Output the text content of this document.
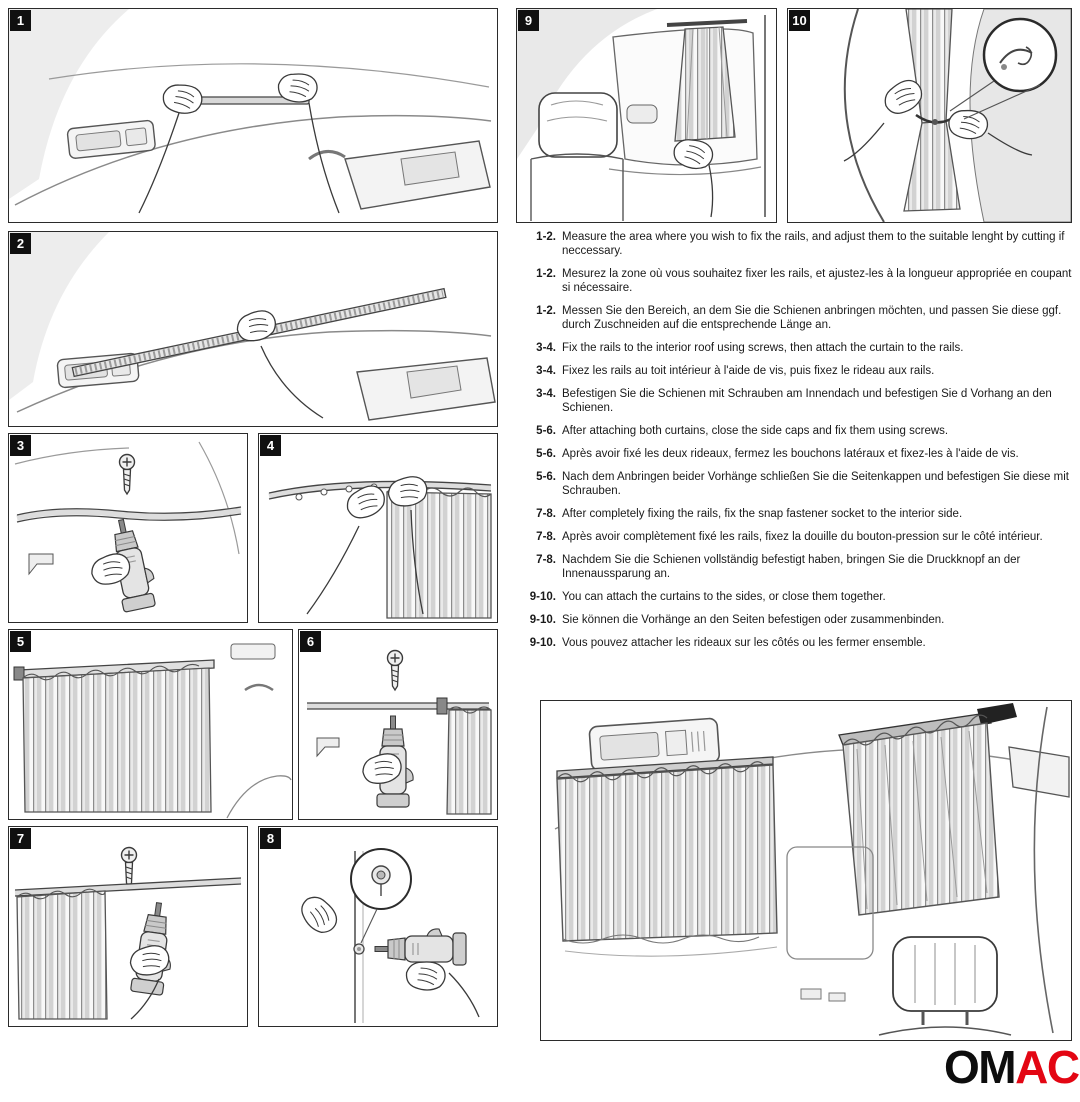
1
2
3	4
5	6
7	8
9	10
1-2. Measure the area where you wish to fix the rails, and adjust them to the suitable lenght by cutting if neccessary.
1-2. Mesurez la zone où vous souhaitez fixer les rails, et ajustez-les à la longueur appropriée en coupant si nécessaire.
1-2. Messen Sie den Bereich, an dem Sie die Schienen anbringen möchten, und passen Sie diese ggf. durch Zuschneiden auf die entsprechende Länge an.
3-4. Fix the rails to the interior roof using screws, then attach the curtain to the rails.
3-4. Fixez les rails au toit intérieur à l'aide de vis, puis fixez le rideau aux rails.
3-4. Befestigen Sie die Schienen mit Schrauben am Innendach und befestigen Sie d Vorhang an den Schienen.
5-6. After attaching both curtains, close the side caps and fix them using screws.
5-6. Après avoir fixé les deux rideaux, fermez les bouchons latéraux et fixez-les à l'aide de vis.
5-6. Nach dem Anbringen beider Vorhänge schließen Sie die Seitenkappen und befestigen Sie diese mit Schrauben.
7-8. After completely fixing the rails, fix the snap fastener socket to the interior side.
7-8. Après avoir complètement fixé les rails, fixez la douille du bouton-pression sur le côté intérieur.
7-8. Nachdem Sie die Schienen vollständig befestigt haben, bringen Sie die Druckknopf an der Innenaussparung an.
9-10. You can attach the curtains to the sides, or close them together.
9-10. Sie können die Vorhänge an den Seiten befestigen oder zusammenbinden.
9-10. Vous pouvez attacher les rideaux sur les côtés ou les fermer ensemble.
OMAC
